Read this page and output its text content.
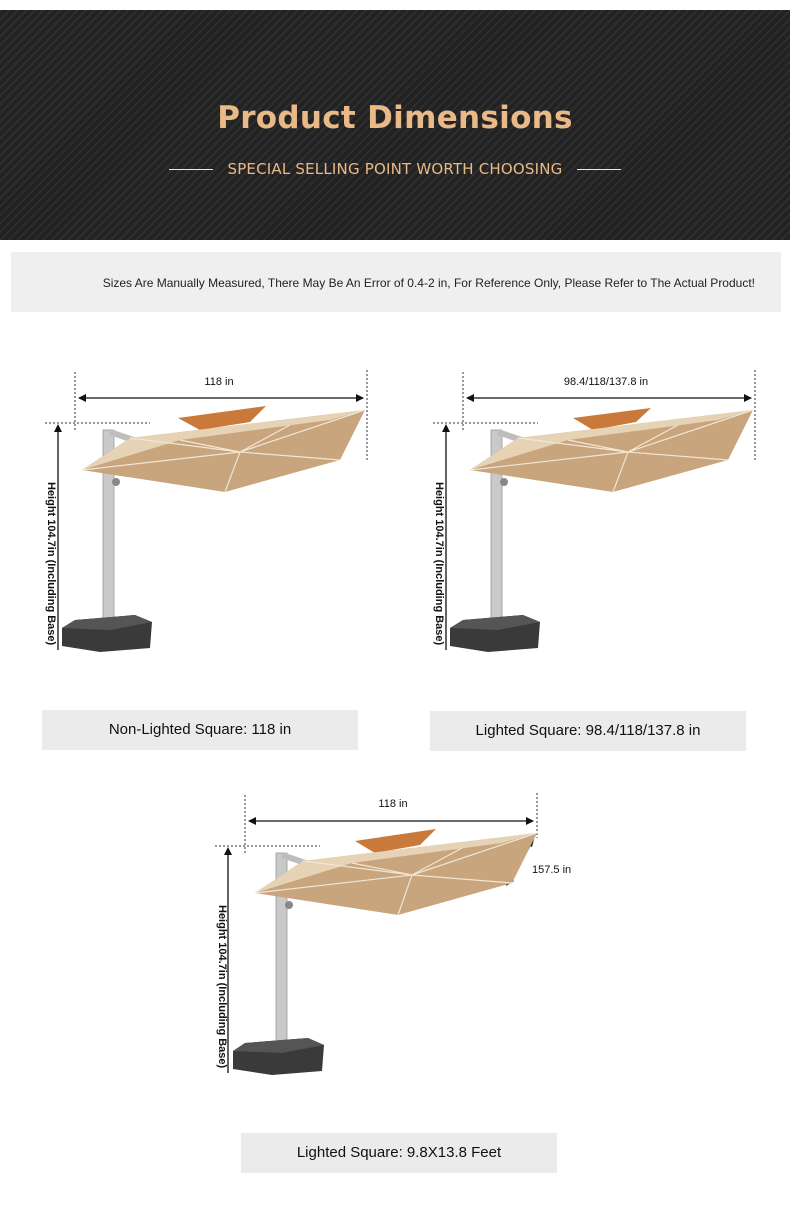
Product Dimensions
SPECIAL SELLING POINT WORTH CHOOSING
Sizes Are Manually Measured, There May Be An Error of 0.4-2 in, For Reference Only, Please Refer to The Actual Product!
118 in
Height 104.7in (Including Base)
Non-Lighted Square: 118 in
98.4/118/137.8 in
Height 104.7in (Including Base)
Lighted Square: 98.4/118/137.8 in
118 in
157.5 in
Height 104.7in (Including Base)
Lighted Square: 9.8X13.8 Feet
